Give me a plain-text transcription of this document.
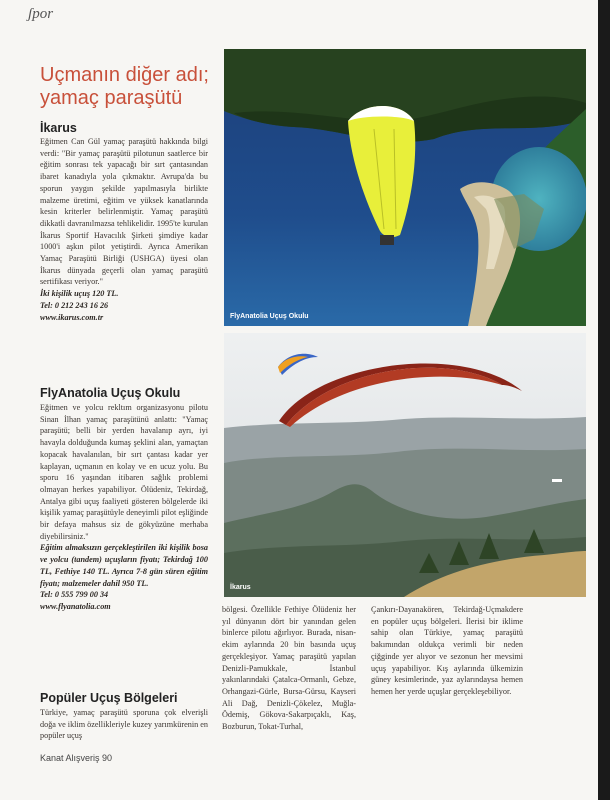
ʃpor
Uçmanın diğer adı; yamaç paraşütü
İkarus

Eğitmen Can Gül yamaç paraşütü hakkında bilgi verdi: "Bir yamaç paraşütü pilotunun saatlerce bir eğitim sonrası tek yapacağı bir sırt çantasından ibaret kanadıyla yola çıkmaktır. Avrupa'da bu sporun yaygın şekilde yapılmasıyla birlikte malzeme üretimi, eğitim ve yüksek kanatlarında kesin kriterler belirlenmiştir. Yamaç paraşütü dikkatli davranılmazsa tehlikelidir. 1995'te kurulan İkarus Sportif Havacılık Şirketi şimdiye kadar 1000'i aşkın pilot yetiştirdi. Ayrıca Amerikan Yamaç Paraşütü Birliği (USHGA) üyesi olan İkarus dünyada geçerli olan yamaç paraşütü sertifikası veriyor."

İki kişilik uçuş 120 TL.

Tel: 0 212 243 16 26

www.ikarus.com.tr

FlyAnatolia Uçuş Okulu

Eğitmen ve yolcu rekltım organizasyonu pilotu Sinan İlhan yamaç paraşütünü anlattı: "Yamaç paraşütü; belli bir yerden havalanıp ayrı, iyi havayla dolduğunda kumaş şeklini alan, yamaçtan kopacak havalanılan, bir sırt çantası kadar yer kaplayan, uçmanın en kolay ve en ucuz yolu. Bu sporu 16 yaşından itibaren sağlık problemi olmayan herkes yapabiliyor. Ölüdeniz, Tekirdağ, Antalya gibi uçuş faaliyeti gösteren bölgelerde iki kişilik yamaç paraşütüyle deneyimli pilot eşliğinde bir defaya mahsus siz de gökyüzüne merhaba diyebilirsiniz."

Eğitim almaksızın gerçekleştirilen iki kişilik bosa ve yolcu (tandem) uçuşların fiyatı; Tekirdağ 100 TL, Fethiye 140 TL. Ayrıca 7-8 gün süren eğitim fiyatı; malzemeler dahil 950 TL.

Tel: 0 555 799 00 34

www.flyanatolia.com

Popüler Uçuş Bölgeleri
Türkiye, yamaç paraşütü sporuna çok elverişli doğa ve iklim özellikleriyle kuzey yarımkürenin en popüler uçuş
FlyAnatolia Uçuş Okulu
İkarus
bölgesi. Özellikle Fethiye Ölüdeniz her yıl dünyanın dört bir yanından gelen binlerce pilotu ağırlıyor. Burada, nisan-ekim aylarında 20 bin basında uçuş gerçekleşiyor. Yamaç paraşütü yapılan Denizli-Pamukkale, İstanbul yakınlarındaki Çatalca-Ormanlı, Gebze, Orhangazi-Gürle, Bursa-Gürsu, Kayseri Ali Dağ, Denizli-Çökelez, Muğla-Ödemiş, Gökova-Sakarpıçaklı, Kaş, Bozburun, Tokat-Turhal,
Çankırı-Dayanakören, Tekirdağ-Uçmakdere en popüler uçuş bölgeleri. İlerisi bir iklime sahip olan Türkiye, yamaç paraşütü bakımından oldukça verimli bir neden çiğginde yer alıyor ve sezonun her mevsimi uçuş yapabiliyor. Kış aylarında ülkemizin güney kesimlerinde, yaz aylarındaysa hemen hemen her yerde uçuşlar gerçekleşebiliyor.
Kanat Alışveriş 90
